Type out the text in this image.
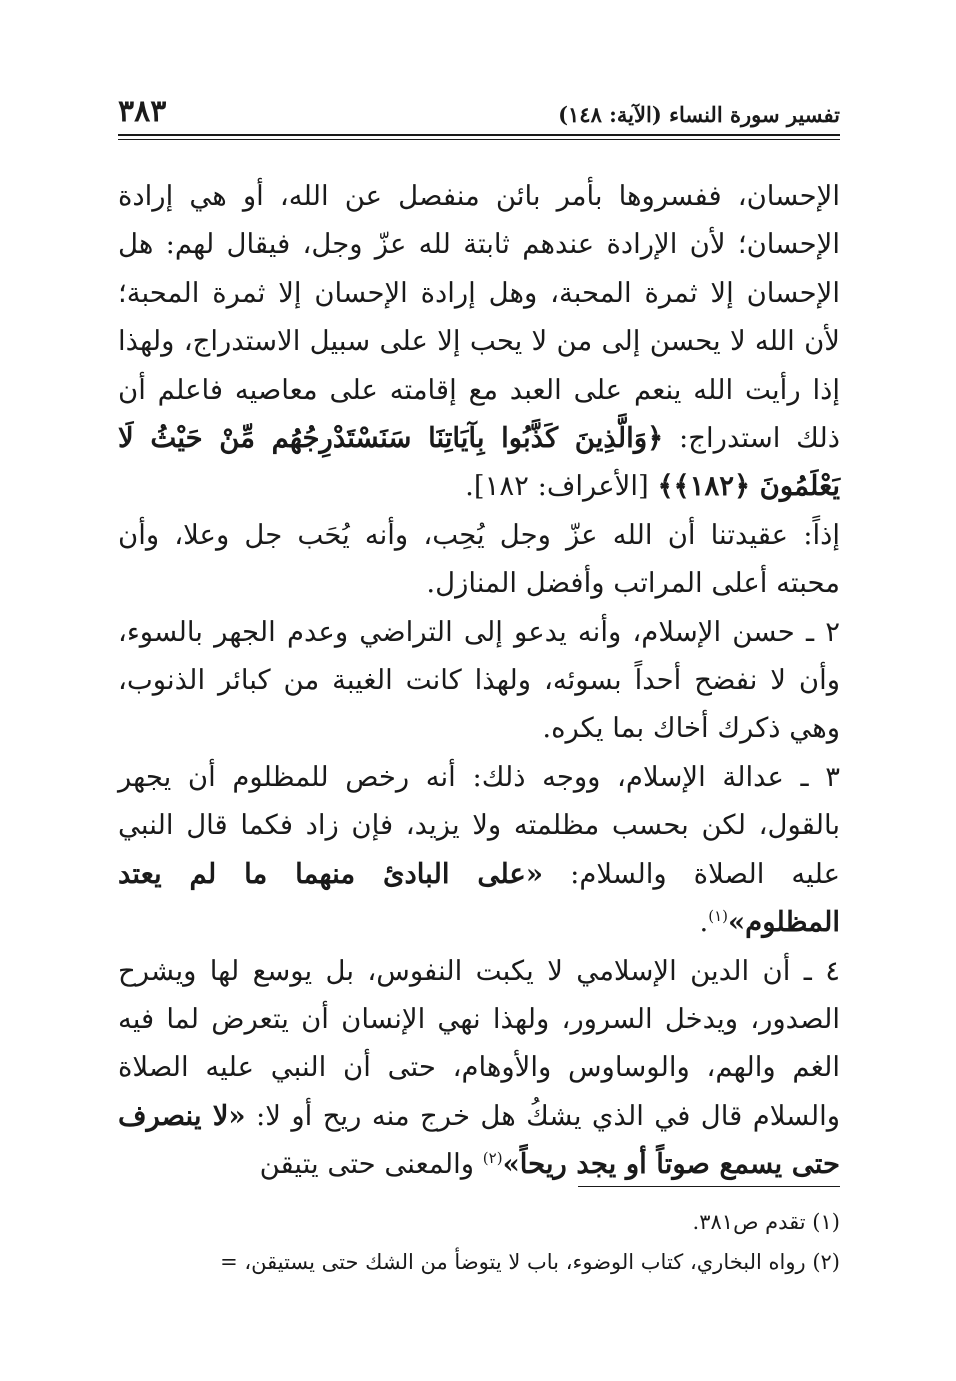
تفسير سورة النساء (الآية: ١٤٨)
٣٨٣

الإحسان، ففسروها بأمر بائن منفصل عن الله، أو هي إرادة الإحسان؛ لأن الإرادة عندهم ثابتة لله عزّ وجل، فيقال لهم: هل الإحسان إلا ثمرة المحبة، وهل إرادة الإحسان إلا ثمرة المحبة؛ لأن الله لا يحسن إلى من لا يحب إلا على سبيل الاستدراج، ولهذا إذا رأيت الله ينعم على العبد مع إقامته على معاصيه فاعلم أن ذلك استدراج: ﴿وَالَّذِينَ كَذَّبُوا بِآيَاتِنَا سَنَسْتَدْرِجُهُم مِّنْ حَيْثُ لَا يَعْلَمُونَ ﴿١٨٢﴾﴾ [الأعراف: ١٨٢].

إذاً: عقيدتنا أن الله عزّ وجل يُحِب، وأنه يُحَب جل وعلا، وأن محبته أعلى المراتب وأفضل المنازل.

٢ ـ حسن الإسلام، وأنه يدعو إلى التراضي وعدم الجهر بالسوء، وأن لا نفضح أحداً بسوئه، ولهذا كانت الغيبة من كبائر الذنوب، وهي ذكرك أخاك بما يكره.

٣ ـ عدالة الإسلام، ووجه ذلك: أنه رخص للمظلوم أن يجهر بالقول، لكن بحسب مظلمته ولا يزيد، فإن زاد فكما قال النبي عليه الصلاة والسلام: «على البادئ منهما ما لم يعتد المظلوم»$^{(١)}$.

٤ ـ أن الدين الإسلامي لا يكبت النفوس، بل يوسع لها ويشرح الصدور، ويدخل السرور، ولهذا نهي الإنسان أن يتعرض لما فيه الغم والهم، والوساوس والأوهام، حتى أن النبي عليه الصلاة والسلام قال في الذي يشكُ هل خرج منه ريح أو لا: «لا ينصرف حتى يسمع صوتاً أو يجد ريحاً»$^{(٢)}$ والمعنى حتى يتيقن

(١) تقدم ص٣٨١.
(٢) رواه البخاري، كتاب الوضوء، باب لا يتوضأ من الشك حتى يستيقن، =
